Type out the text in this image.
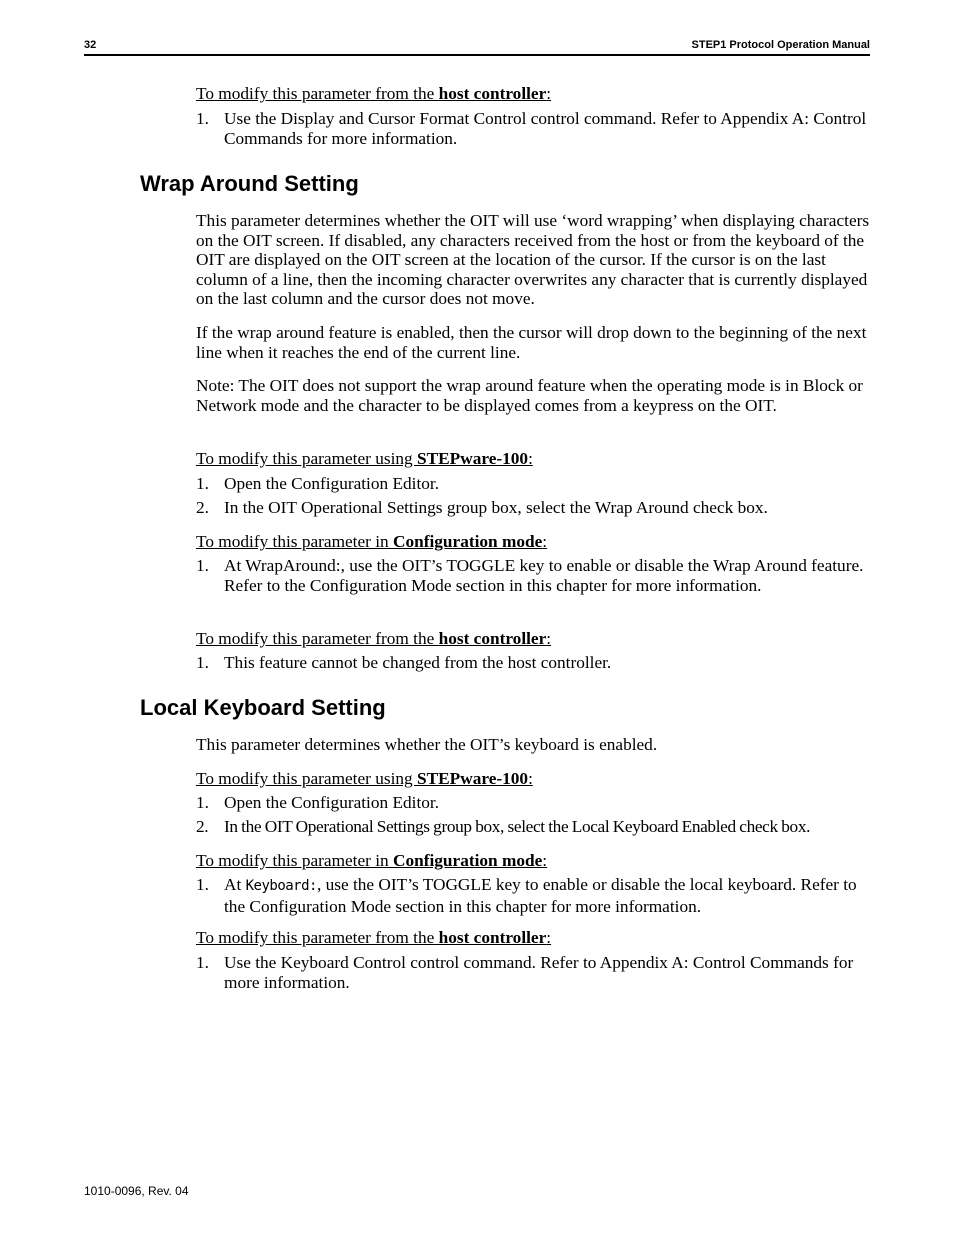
32	STEP1 Protocol Operation Manual
To modify this parameter from the host controller:
1. Use the Display and Cursor Format Control control command. Refer to Appendix A: Control Commands for more information.
Wrap Around Setting
This parameter determines whether the OIT will use ‘word wrapping’ when displaying characters on the OIT screen. If disabled, any characters received from the host or from the keyboard of the OIT are displayed on the OIT screen at the location of the cursor. If the cursor is on the last column of a line, then the incoming character overwrites any character that is currently displayed on the last column and the cursor does not move.
If the wrap around feature is enabled, then the cursor will drop down to the beginning of the next line when it reaches the end of the current line.
Note: The OIT does not support the wrap around feature when the operating mode is in Block or Network mode and the character to be displayed comes from a keypress on the OIT.
To modify this parameter using STEPware-100:
1. Open the Configuration Editor.
2. In the OIT Operational Settings group box, select the Wrap Around check box.
To modify this parameter in Configuration mode:
1. At WrapAround:, use the OIT’s TOGGLE key to enable or disable the Wrap Around feature. Refer to the Configuration Mode section in this chapter for more information.
To modify this parameter from the host controller:
1. This feature cannot be changed from the host controller.
Local Keyboard Setting
This parameter determines whether the OIT’s keyboard is enabled.
To modify this parameter using STEPware-100:
1. Open the Configuration Editor.
2. In the OIT Operational Settings group box, select the Local Keyboard Enabled check box.
To modify this parameter in Configuration mode:
1. At Keyboard:, use the OIT’s TOGGLE key to enable or disable the local keyboard. Refer to the Configuration Mode section in this chapter for more information.
To modify this parameter from the host controller:
1. Use the Keyboard Control control command. Refer to Appendix A: Control Commands for more information.
1010-0096, Rev. 04
